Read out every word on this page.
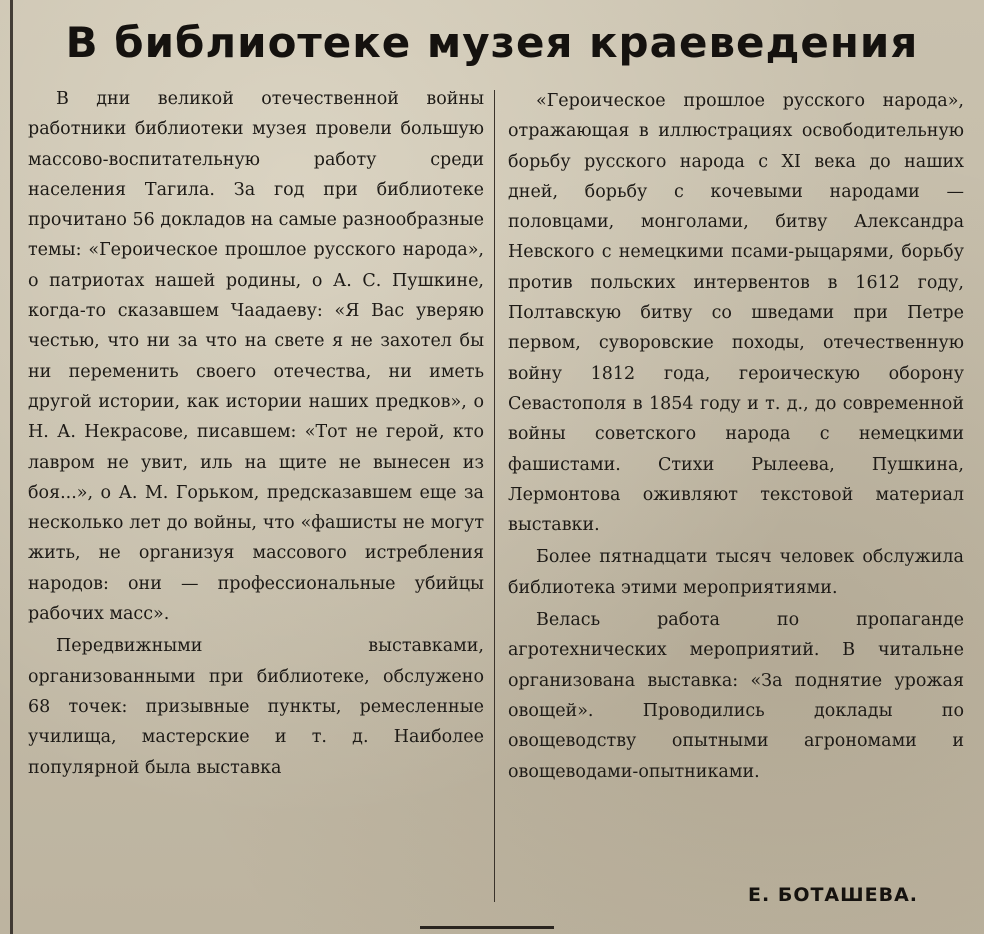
В библиотеке музея краеведения

В дни великой отечественной войны работники библиотеки музея провели большую массово-воспитательную работу среди населения Тагила. За год при библиотеке прочитано 56 докладов на самые разнообразные темы: «Героическое прошлое русского народа», о патриотах нашей родины, о А. С. Пушкине, когда-то сказавшем Чаадаеву: «Я Вас уверяю честью, что ни за что на свете я не захотел бы ни переменить своего отечества, ни иметь другой истории, как истории наших предков», о Н. А. Некрасове, писавшем: «Тот не герой, кто лавром не увит, иль на щите не вынесен из боя...», о А. М. Горьком, предсказавшем еще за несколько лет до войны, что «фашисты не могут жить, не организуя массового истребления народов: они — профессиональные убийцы рабочих масс».

Передвижными выставками, организованными при библиотеке, обслужено 68 точек: призывные пункты, ремесленные училища, мастерские и т. д. Наиболее популярной была выставка

«Героическое прошлое русского народа», отражающая в иллюстрациях освободительную борьбу русского народа с XI века до наших дней, борьбу с кочевыми народами — половцами, монголами, битву Александра Невского с немецкими псами-рыцарями, борьбу против польских интервентов в 1612 году, Полтавскую битву со шведами при Петре первом, суворовские походы, отечественную войну 1812 года, героическую оборону Севастополя в 1854 году и т. д., до современной войны советского народа с немецкими фашистами. Стихи Рылеева, Пушкина, Лермонтова оживляют текстовой материал выставки.

Более пятнадцати тысяч человек обслужила библиотека этими мероприятиями.

Велась работа по пропаганде агротехнических мероприятий. В читальне организована выставка: «За поднятие урожая овощей». Проводились доклады по овощеводству опытными агрономами и овощеводами-опытниками.

Е. БОТАШЕВА.
